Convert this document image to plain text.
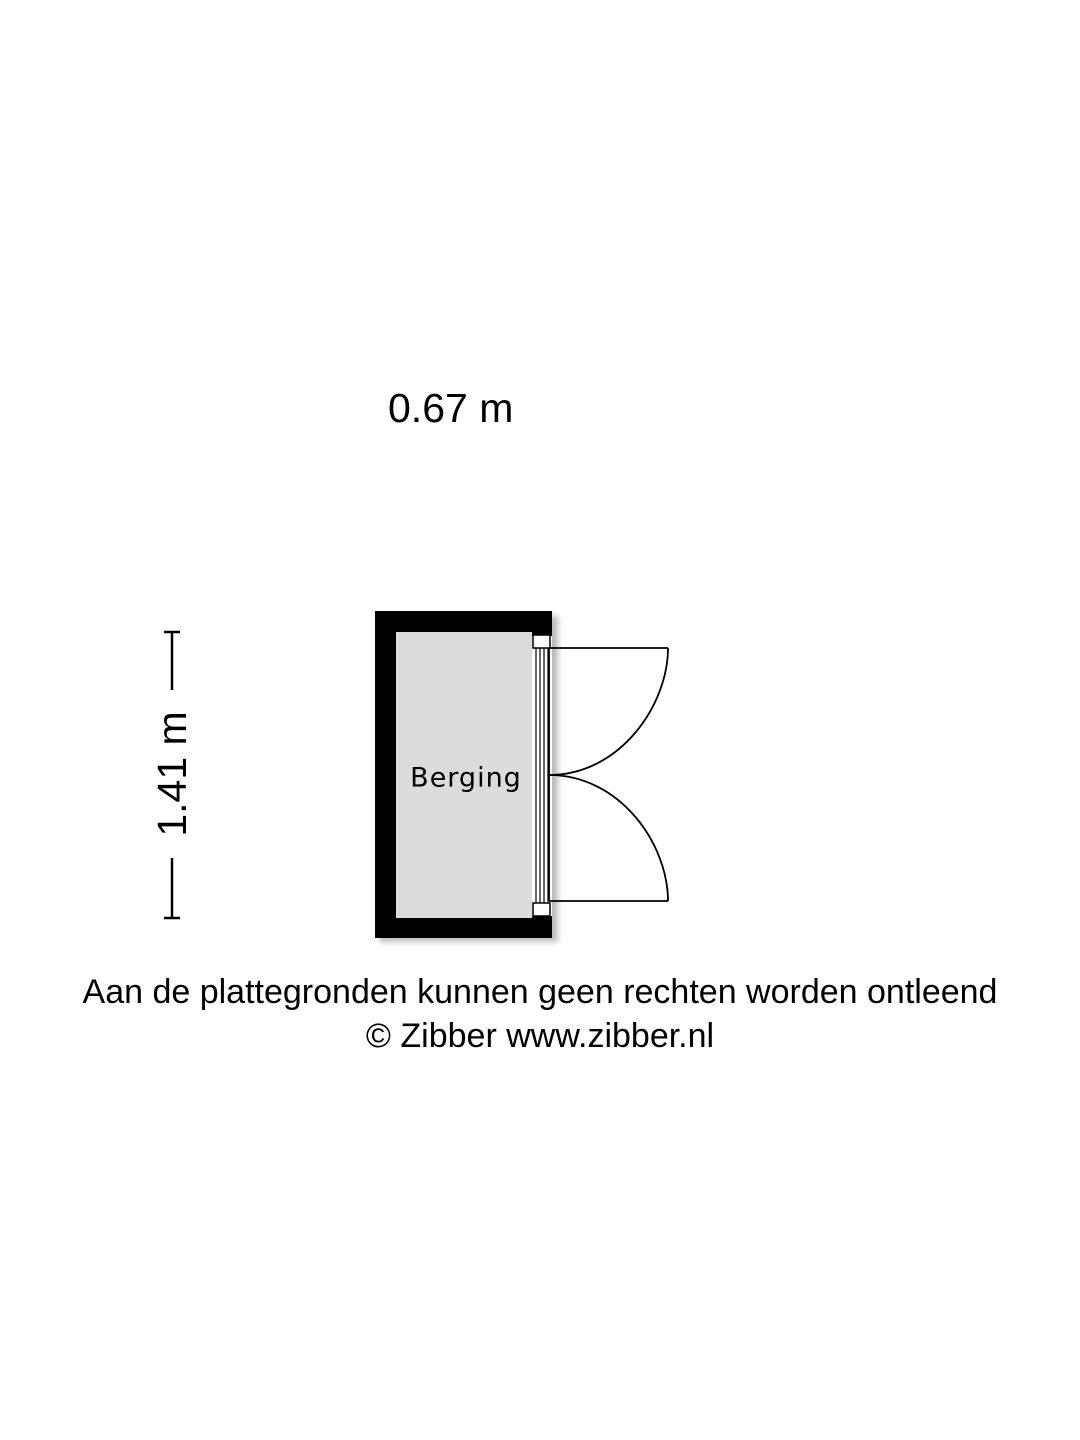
0.67 m
1.41 m	Berging
Aan de plattegronden kunnen geen rechten worden ontleend
© Zibber www.zibber.nl
